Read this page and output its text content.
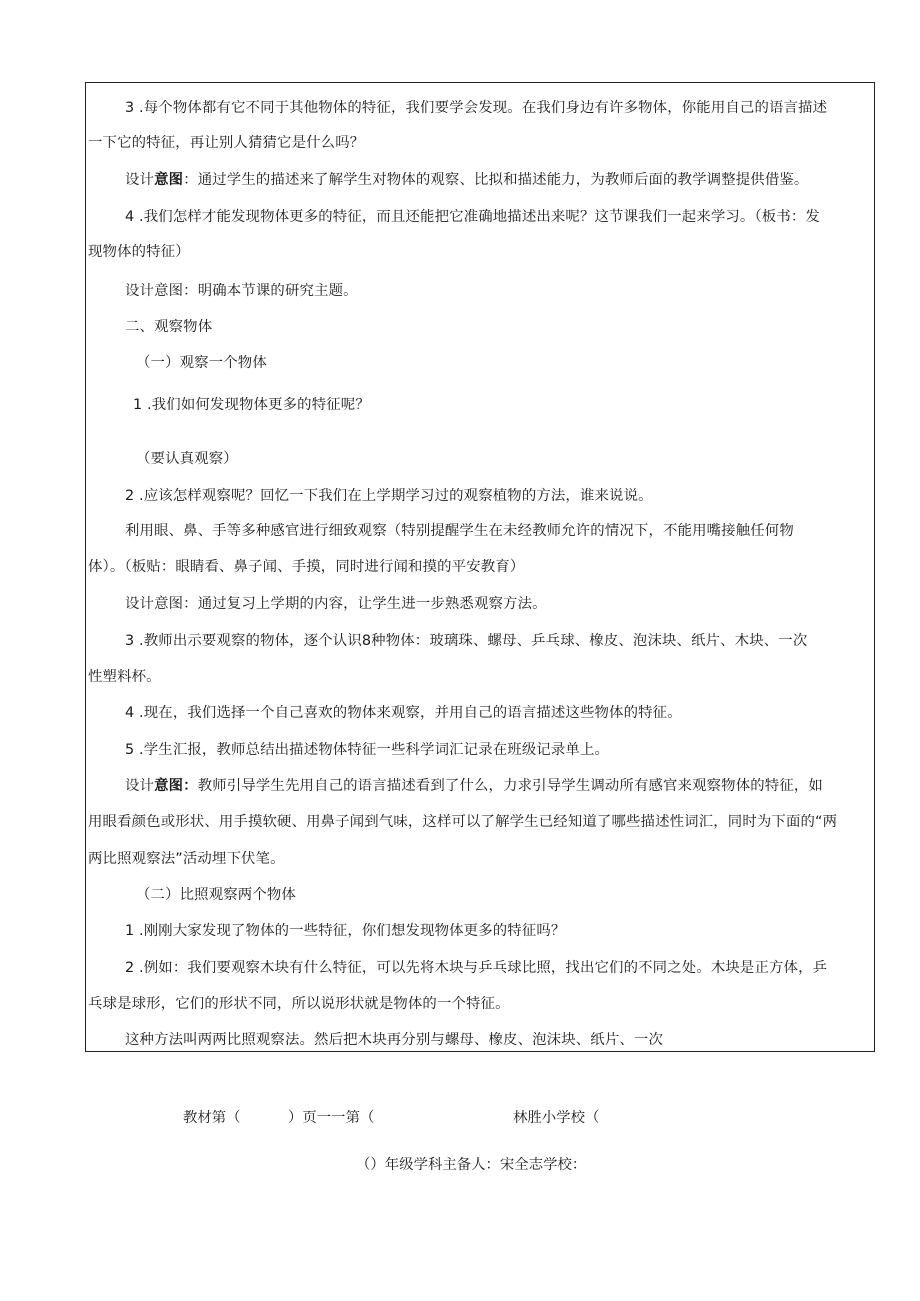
3 .每个物体都有它不同于其他物体的特征，我们要学会发现。在我们身边有许多物体，你能用自己的语言描述
一下它的特征，再让别人猜猜它是什么吗？
设计意图：通过学生的描述来了解学生对物体的观察、比拟和描述能力，为教师后面的教学调整提供借鉴。
4 .我们怎样才能发现物体更多的特征，而且还能把它准确地描述出来呢？这节课我们一起来学习。（板书：发
现物体的特征）
设计意图：明确本节课的研究主题。
二、观察物体
（一）观察一个物体
1 .我们如何发现物体更多的特征呢？
（要认真观察）
2 .应该怎样观察呢？回忆一下我们在上学期学习过的观察植物的方法，谁来说说。
利用眼、鼻、手等多种感官进行细致观察（特别提醒学生在未经教师允许的情况下，不能用嘴接触任何物
体）。（板贴：眼睛看、鼻子闻、手摸，同时进行闻和摸的平安教育）
设计意图：通过复习上学期的内容，让学生进一步熟悉观察方法。
3 .教师出示要观察的物体，逐个认识8种物体：玻璃珠、螺母、乒乓球、橡皮、泡沫块、纸片、木块、一次
性塑料杯。
4 .现在，我们选择一个自己喜欢的物体来观察，并用自己的语言描述这些物体的特征。
5 .学生汇报，教师总结出描述物体特征一些科学词汇记录在班级记录单上。
设计意图：教师引导学生先用自己的语言描述看到了什么，力求引导学生调动所有感官来观察物体的特征，如
用眼看颜色或形状、用手摸软硬、用鼻子闻到气味，这样可以了解学生已经知道了哪些描述性词汇，同时为下面的“两
两比照观察法”活动埋下伏笔。
（二）比照观察两个物体
1 .刚刚大家发现了物体的一些特征，你们想发现物体更多的特征吗？
2 .例如：我们要观察木块有什么特征，可以先将木块与乒乓球比照，找出它们的不同之处。木块是正方体，乒
乓球是球形，它们的形状不同，所以说形状就是物体的一个特征。
这种方法叫两两比照观察法。然后把木块再分别与螺母、橡皮、泡沫块、纸片、一次
教材第（	）页一一第（	林胜小学校（
（）年级学科主备人：宋全志学校：
